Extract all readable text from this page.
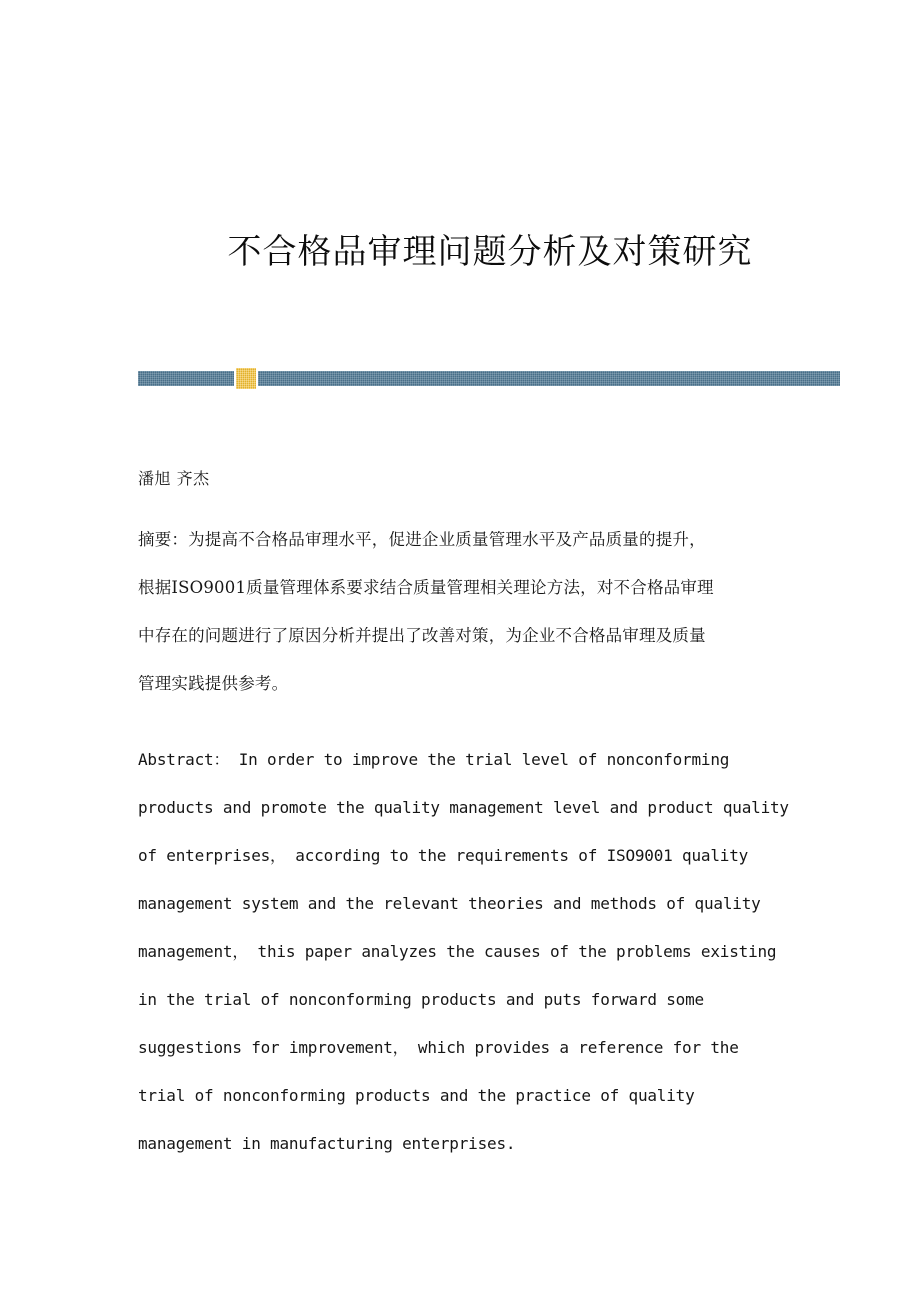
不合格品审理问题分析及对策研究

潘旭 齐杰

摘要：为提高不合格品审理水平，促进企业质量管理水平及产品质量的提升，
根据ISO9001质量管理体系要求结合质量管理相关理论方法，对不合格品审理
中存在的问题进行了原因分析并提出了改善对策，为企业不合格品审理及质量
管理实践提供参考。
Abstract： In order to improve the trial level of nonconforming
products and promote the quality management level and product quality
of enterprises， according to the requirements of ISO9001 quality
management system and the relevant theories and methods of quality
management， this paper analyzes the causes of the problems existing
in the trial of nonconforming products and puts forward some
suggestions for improvement， which provides a reference for the
trial of nonconforming products and the practice of quality
management in manufacturing enterprises.
